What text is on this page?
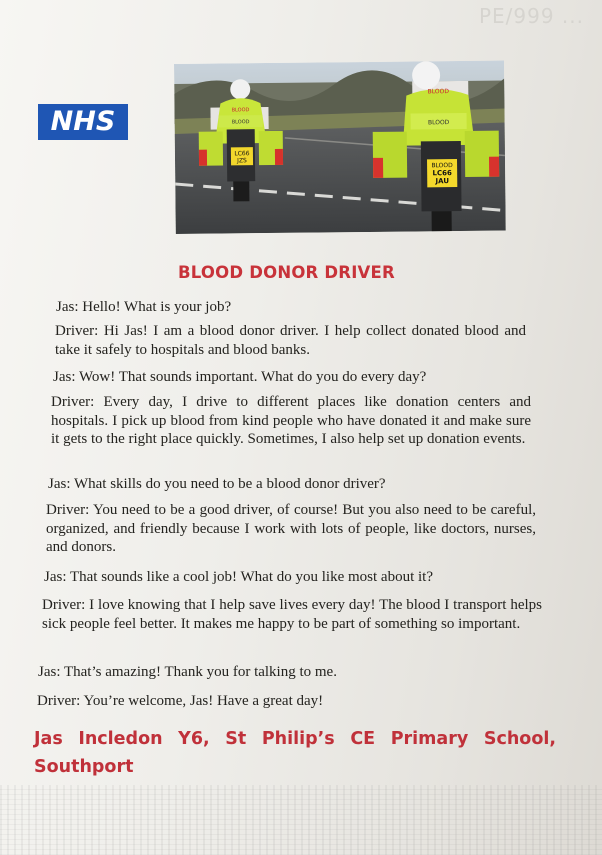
PE/999 ...
NHS
LC66
JZS
BLOOD
BLOOD
BLOOD
LC66
JAU
BLOOD
BLOOD
BLOOD DONOR DRIVER
Jas: Hello! What is your job?
Driver: Hi Jas! I am a blood donor driver. I help collect donated blood and take it safely to hospitals and blood banks.
Jas: Wow! That sounds important. What do you do every day?
Driver: Every day, I drive to different places like donation centers and hospitals. I pick up blood from kind people who have donated it and make sure it gets to the right place quickly. Sometimes, I also help set up donation events.
Jas: What skills do you need to be a blood donor driver?
Driver: You need to be a good driver, of course! But you also need to be careful, organized, and friendly because I work with lots of people, like doctors, nurses, and donors.
Jas: That sounds like a cool job! What do you like most about it?
Driver: I love knowing that I help save lives every day! The blood I transport helps sick people feel better. It makes me happy to be part of something so important.
Jas: That’s amazing! Thank you for talking to me.
Driver: You’re welcome, Jas! Have a great day!
Jas Incledon Y6, St Philip’s CE Primary School, Southport
